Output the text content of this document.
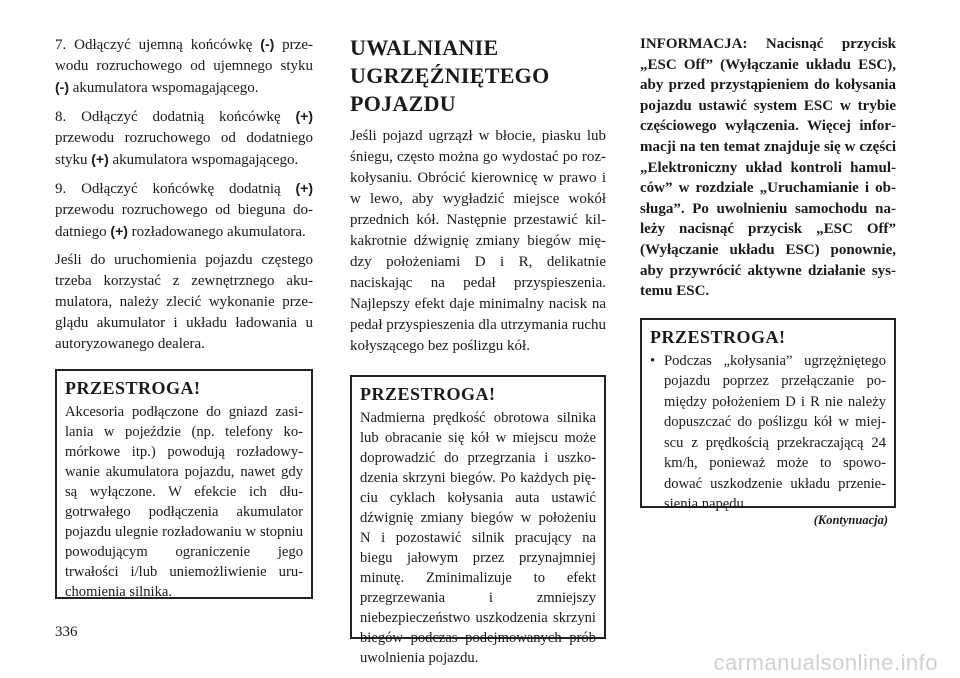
7. Odłączyć ujemną końcówkę (-) przewodu rozruchowego od ujemnego styku (-) akumulatora wspomagającego.

8. Odłączyć dodatnią końcówkę (+) przewodu rozruchowego od dodatniego styku (+) akumulatora wspomagającego.

9. Odłączyć końcówkę dodatnią (+) przewodu rozruchowego od bieguna dodatniego (+) rozładowanego akumulatora.

Jeśli do uruchomienia pojazdu częstego trzeba korzystać z zewnętrznego akumulatora, należy zlecić wykonanie przeglądu akumulator i układu ładowania u autoryzowanego dealera.

PRZESTROGA!

Akcesoria podłączone do gniazd zasilania w pojeździe (np. telefony komórkowe itp.) powodują rozładowywanie akumulatora pojazdu, nawet gdy są wyłączone. W efekcie ich długotrwałego podłączenia akumulator pojazdu ulegnie rozładowaniu w stopniu powodującym ograniczenie jego trwałości i/lub uniemożliwienie uruchomienia silnika.

UWALNIANIE UGRZĘŹNIĘTEGO POJAZDU

Jeśli pojazd ugrzązł w błocie, piasku lub śniegu, często można go wydostać po rozkołysaniu. Obrócić kierownicę w prawo i w lewo, aby wygładzić miejsce wokół przednich kół. Następnie przestawić kilkakrotnie dźwignię zmiany biegów między położeniami D i R, delikatnie naciskając na pedał przyspieszenia. Najlepszy efekt daje minimalny nacisk na pedał przyspieszenia dla utrzymania ruchu kołyszącego bez poślizgu kół.

PRZESTROGA!

Nadmierna prędkość obrotowa silnika lub obracanie się kół w miejscu może doprowadzić do przegrzania i uszkodzenia skrzyni biegów. Po każdych pięciu cyklach kołysania auta ustawić dźwignię zmiany biegów w położeniu N i pozostawić silnik pracujący na biegu jałowym przez przynajmniej minutę. Zminimalizuje to efekt przegrzewania i zmniejszy niebezpieczeństwo uszkodzenia skrzyni biegów podczas podejmowanych prób uwolnienia pojazdu.

INFORMACJA: Nacisnąć przycisk „ESC Off” (Wyłączanie układu ESC), aby przed przystąpieniem do kołysania pojazdu ustawić system ESC w trybie częściowego wyłączenia. Więcej informacji na ten temat znajduje się w części „Elektroniczny układ kontroli hamulców” w rozdziale „Uruchamianie i obsługa”. Po uwolnieniu samochodu należy nacisnąć przycisk „ESC Off” (Wyłączanie układu ESC) ponownie, aby przywrócić aktywne działanie systemu ESC.

PRZESTROGA!
• Podczas „kołysania” ugrzężniętego pojazdu poprzez przełączanie pomiędzy położeniem D i R nie należy dopuszczać do poślizgu kół w miejscu z prędkością przekraczającą 24 km/h, ponieważ może to spowodować uszkodzenie układu przeniesienia napędu.
(Kontynuacja)
336
carmanualsonline.info
